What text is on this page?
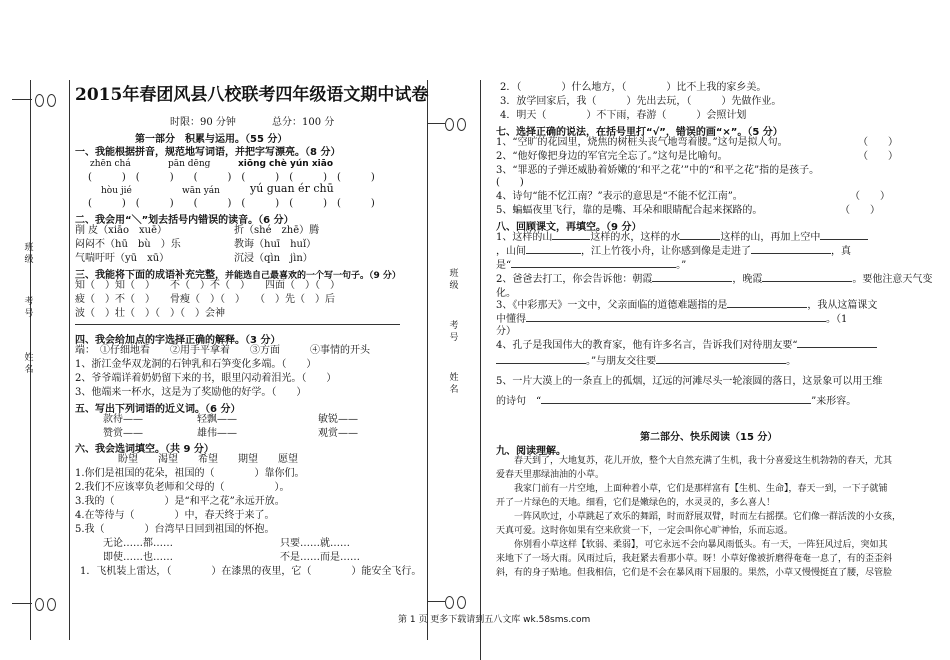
班级
考号
姓名
班级
考号
姓名
2015年春团风县八校联考四年级语文期中试卷
时限：90 分钟	总分：100 分
第一部分　积累与运用。（55 分）
一、我能根据拼音，规范地写词语，并把字写漂亮。（8 分）
zhēn chá	pān dēng	xiōng chè yún xiāo
(　　　)　(　　　)　　(　　　)　(　　　)　(　　　)　(　　　)
hòu jié	wān yán	yú guan ér chū
(　　　)　(　　　)　　(　　　)　(　　　)　(　　　)　(　　　)
二、我会用“＼”划去括号内错误的读音。（6 分）
削 皮（xiāo　xuē）	折（shé　zhē）腾
闷闷不（hū　bù　）乐	教诲（huī　huǐ）
气喘吁吁（yū　xū）	沉浸（qìn　jìn）
三、我能将下面的成语补充完整，并能选自己最喜欢的一个写一句子。（9 分）
知（　）知（　）　　不（　）不（　）　　四面（　）（　）
疲（　）不（　）　　骨瘦（　）（　）　　（　）先（　）后
波（　）壮（　）（　）（　）会神
四、我会给加点的字选择正确的解释。（3 分）
端：　①仔细地看　　②用手平拿着　　③方面　　　④事情的开头
1、浙江金华双龙洞的石钟乳和石笋变化多端。（　　）
2、爷爷端详着奶奶留下来的书，眼里闪动着泪光。（　　）
3、他端来一杯水，这是为了奖励他的好学。（　　）
五、写出下列词语的近义词。（6 分）
款待——	轻飘——	敏锐——
赞赏——	雄伟——	观赏——
六、我会选词填空。（共 9 分）
盼望　　渴望　　希望　　期望　　愿望
1.你们是祖国的花朵，祖国的（　　　　）靠你们。
2.我们不应该辜负老师和父母的（　　　　　）。
3.我的（　　　　　）是“和平之花”永远开放。
4.在等待与（　　　　）中，春天终于来了。
5.我（　　　　）台湾早日回到祖国的怀抱。
无论……都……	只要……就……
即使……也……	不是……而是……
1．飞机装上雷达，（　　　　）在漆黑的夜里，它（　　　　）能安全飞行。
2．（　　　　）什么地方，（　　　　）比不上我的家乡美。
3．放学回家后，我（　　　）先出去玩，（　　　）先做作业。
4．明天（　　　　）不下雨，春游（　　　）会照计划
七、选择正确的说法，在括号里打“√”，错误的画“×”。（5 分）
1、“空旷的花园里，烧焦的树桩头丧气地弯着腰。”这句是拟人句。	（　　）
2、“他好像把身边的军官完全忘了。”这句是比喻句。	（　　）
3、“罪恶的子弹还威胁着娇嫩的‘和平之花’”中的“和平之花”指的是孩子。
(　　)
4、诗句“能不忆江南？”表示的意思是“不能不忆江南”。	（　　）
5、蝙蝠夜里飞行，靠的是嘴、耳朵和眼睛配合起来探路的。	（　　）
八、回顾课文，再填空。（9 分）
1、这样的山	这样的水，这样的水	这样的山，再加上空中
，山间	，江上竹筏小舟，让你感到像是走进了	，真
是“	。”
2、爸爸去打工，你会告诉他：朝霞	，晚霞	。要他注意天气变
化。
3、《中彩那天》一文中，父亲面临的道德难题指的是	，我从这篇课文
中懂得	。（1
分）
4、孔子是我国伟大的教育家，他有许多名言，告诉我们对待朋友要“
。”与朋友交往要	。
5、一片大漠上的一条直上的孤烟，辽远的河滩尽头一轮滚圆的落日，这景象可以用王维
的诗句　“	”来形容。
第二部分、快乐阅读（15 分）
九、阅读理解。
　　春天到了，大地复苏，花儿开放，整个大自然充满了生机，我十分喜爱这生机勃勃的春天，尤其
爱春天里那绿油油的小草。
　　我家门前有一片空地，上面种着小草，它们是那样富有【生机、生命】，春天一到，一下子就铺
开了一片绿色的天地。细看，它们是嫩绿色的，水灵灵的，多么喜人！
　　一阵风吹过，小草跳起了欢乐的舞蹈，时而舒展双臂，时而左右摇摆。它们像一群活泼的小女孩，
天真可爱。这时你如果有空来欣赏一下，一定会叫你心旷神怡，乐而忘返。
　　你别看小草这样【软弱、柔弱】，可它永远不会向暴风雨低头。有一天，一阵狂风过后，突如其
来地下了一场大雨。风雨过后，我赶紧去看那小草。呀！小草好像被折磨得奄奄一息了，有的歪歪斜
斜，有的身子贴地。但我相信，它们是不会在暴风雨下屈服的。果然，小草又慢慢挺直了腰，尽管脸
第 1 页 更多下载请到五八文库 wk.58sms.com
